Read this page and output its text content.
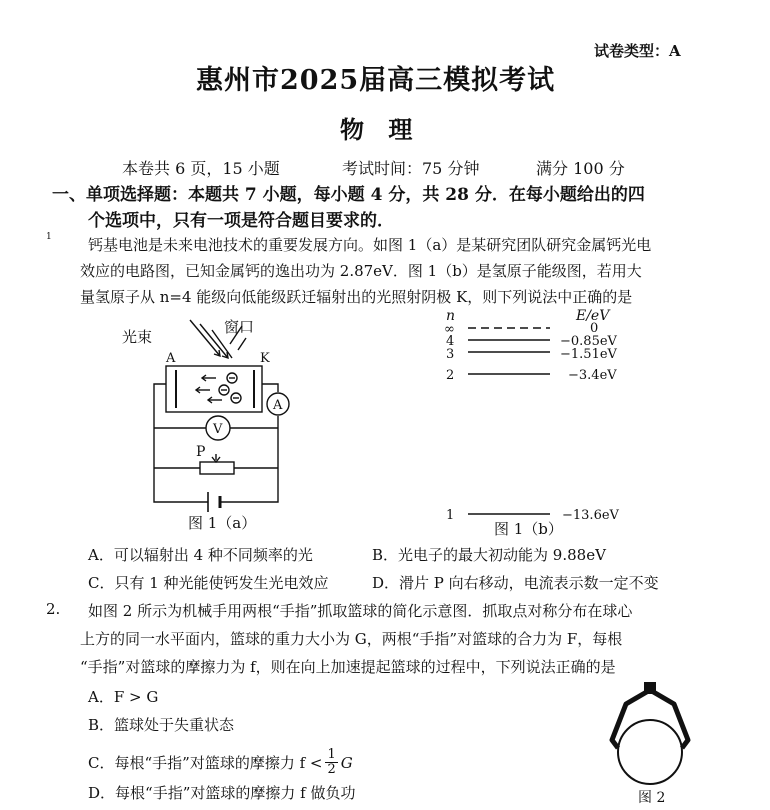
试卷类型：A
惠州市2025届高三模拟考试
物 理
本卷共 6 页，15 小题	考试时间：75 分钟	满分 100 分
一、单项选择题：本题共 7 小题，每小题 4 分，共 28 分．在每小题给出的四
个选项中，只有一项是符合题目要求的．
1 钙基电池是未来电池技术的重要发展方向。如图 1（a）是某研究团队研究金属钙光电
效应的电路图，已知金属钙的逸出功为 2.87eV．图 1（b）是氢原子能级图，若用大
量氢原子从 n=4 能级向低能级跃迁辐射出的光照射阴极 K，则下列说法中正确的是
光束
窗口
A	K
A
V
P
图 1（a）
n	E/eV
∞	0
4	−0.85eV
3	−1.51eV
2	−3.4eV
1	−13.6eV
图 1（b）
A．可以辐射出 4 种不同频率的光	B．光电子的最大初动能为 9.88eV
C．只有 1 种光能使钙发生光电效应	D．滑片 P 向右移动，电流表示数一定不变
2. 如图 2 所示为机械手用两根“手指”抓取篮球的简化示意图．抓取点对称分布在球心
上方的同一水平面内，篮球的重力大小为 G，两根“手指”对篮球的合力为 F，每根
“手指”对篮球的摩擦力为 f，则在向上加速提起篮球的过程中，下列说法正确的是
A．F > G
B．篮球处于失重状态
C．每根“手指”对篮球的摩擦力 $f < \frac{1}{2}$ G
D．每根“手指”对篮球的摩擦力 f 做负功	图 2
